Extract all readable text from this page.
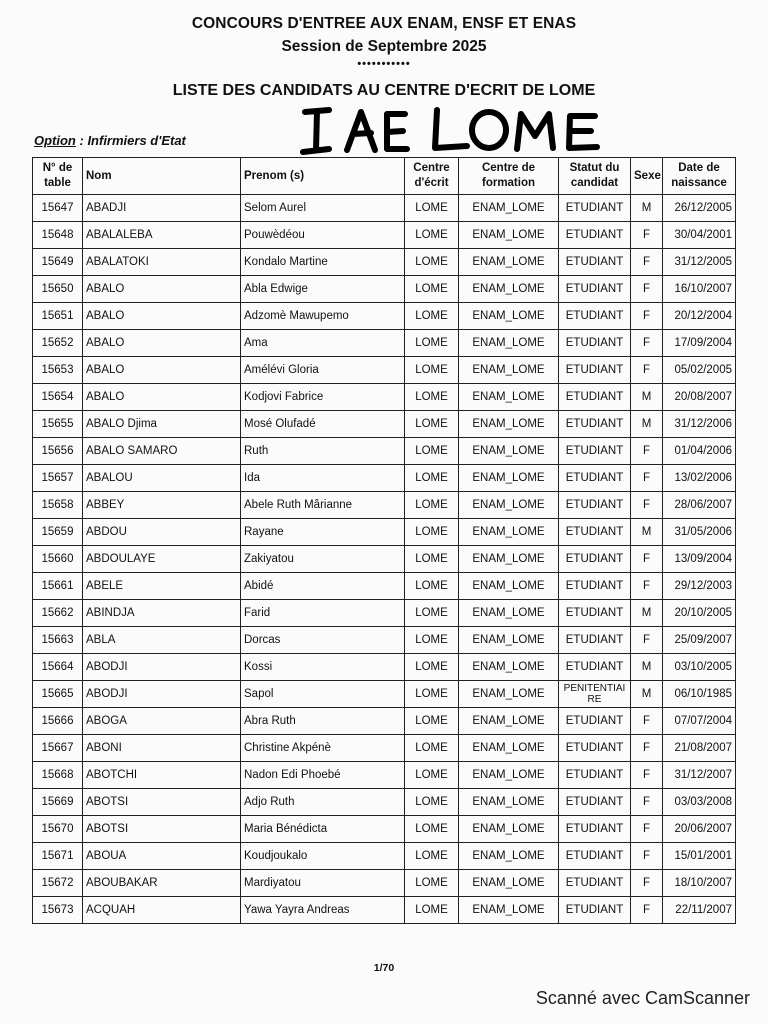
CONCOURS D'ENTREE AUX ENAM, ENSF ET ENAS
Session de Septembre 2025
•••••••••••
LISTE DES CANDIDATS AU CENTRE D'ECRIT DE LOME
Option : Infirmiers d'Etat
N° de table	Nom	Prenom (s)	Centre d'écrit	Centre de formation	Statut du candidat	Sexe	Date de naissance
15647	ABADJI	Selom Aurel	LOME	ENAM_LOME	ETUDIANT	M	26/12/2005
15648	ABALALEBA	Pouwèdéou	LOME	ENAM_LOME	ETUDIANT	F	30/04/2001
15649	ABALATOKI	Kondalo Martine	LOME	ENAM_LOME	ETUDIANT	F	31/12/2005
15650	ABALO	Abla Edwige	LOME	ENAM_LOME	ETUDIANT	F	16/10/2007
15651	ABALO	Adzomè Mawupemo	LOME	ENAM_LOME	ETUDIANT	F	20/12/2004
15652	ABALO	Ama	LOME	ENAM_LOME	ETUDIANT	F	17/09/2004
15653	ABALO	Amélévi Gloria	LOME	ENAM_LOME	ETUDIANT	F	05/02/2005
15654	ABALO	Kodjovi Fabrice	LOME	ENAM_LOME	ETUDIANT	M	20/08/2007
15655	ABALO Djima	Mosé Olufadé	LOME	ENAM_LOME	ETUDIANT	M	31/12/2006
15656	ABALO SAMARO	Ruth	LOME	ENAM_LOME	ETUDIANT	F	01/04/2006
15657	ABALOU	Ida	LOME	ENAM_LOME	ETUDIANT	F	13/02/2006
15658	ABBEY	Abele Ruth Mârianne	LOME	ENAM_LOME	ETUDIANT	F	28/06/2007
15659	ABDOU	Rayane	LOME	ENAM_LOME	ETUDIANT	M	31/05/2006
15660	ABDOULAYE	Zakiyatou	LOME	ENAM_LOME	ETUDIANT	F	13/09/2004
15661	ABELE	Abidé	LOME	ENAM_LOME	ETUDIANT	F	29/12/2003
15662	ABINDJA	Farid	LOME	ENAM_LOME	ETUDIANT	M	20/10/2005
15663	ABLA	Dorcas	LOME	ENAM_LOME	ETUDIANT	F	25/09/2007
15664	ABODJI	Kossi	LOME	ENAM_LOME	ETUDIANT	M	03/10/2005
15665	ABODJI	Sapol	LOME	ENAM_LOME	PENITENTIAI RE	M	06/10/1985
15666	ABOGA	Abra Ruth	LOME	ENAM_LOME	ETUDIANT	F	07/07/2004
15667	ABONI	Christine Akpénè	LOME	ENAM_LOME	ETUDIANT	F	21/08/2007
15668	ABOTCHI	Nadon Edi Phoebé	LOME	ENAM_LOME	ETUDIANT	F	31/12/2007
15669	ABOTSI	Adjo Ruth	LOME	ENAM_LOME	ETUDIANT	F	03/03/2008
15670	ABOTSI	Maria Bénédicta	LOME	ENAM_LOME	ETUDIANT	F	20/06/2007
15671	ABOUA	Koudjoukalo	LOME	ENAM_LOME	ETUDIANT	F	15/01/2001
15672	ABOUBAKAR	Mardiyatou	LOME	ENAM_LOME	ETUDIANT	F	18/10/2007
15673	ACQUAH	Yawa Yayra Andreas	LOME	ENAM_LOME	ETUDIANT	F	22/11/2007
1/70
Scanné avec CamScanner
